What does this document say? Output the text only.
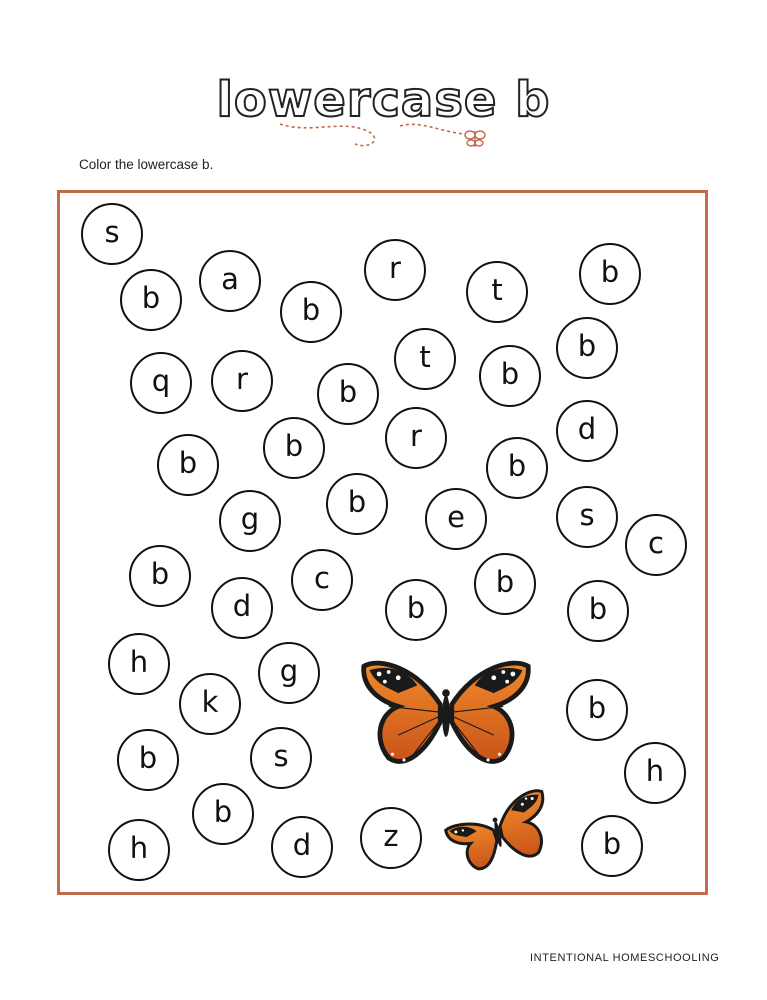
lowercase b
Color the lowercase b.
s
b
a
b
r
t
b
q	r	b
t	b
b
b	b	r
b
d
g	b	e	s
c
b	c
d	b
b
b
h	g
k	b
b	s	h
h
b
d	z	b
INTENTIONAL HOMESCHOOLING
